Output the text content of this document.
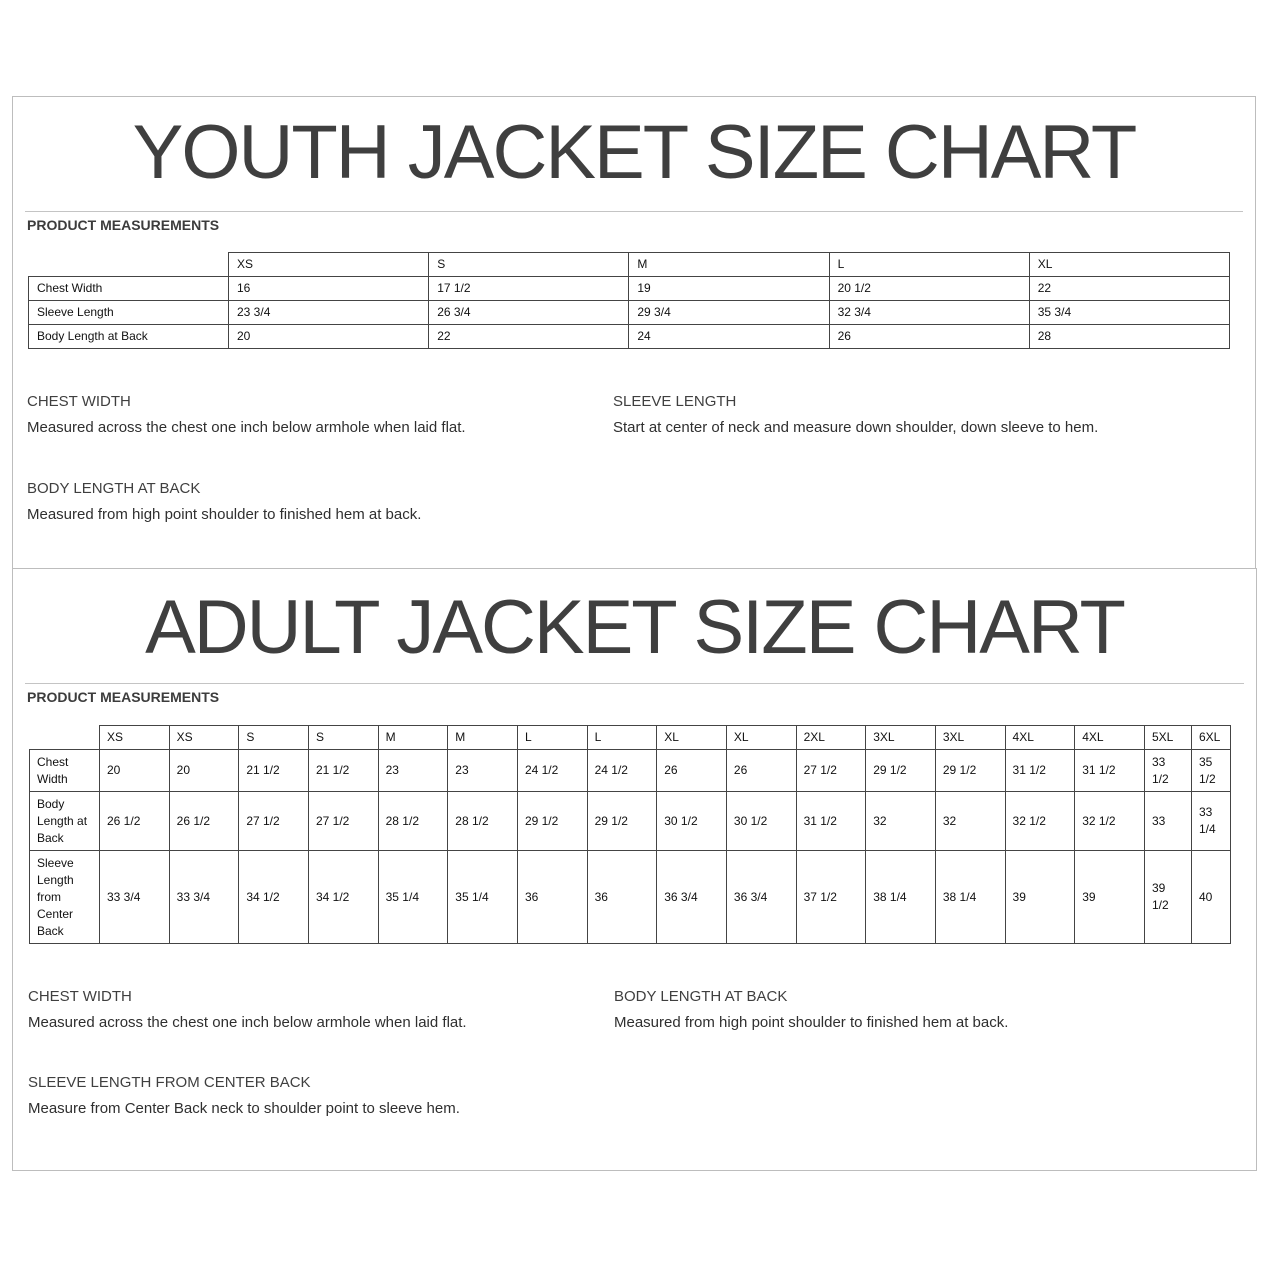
YOUTH JACKET SIZE CHART
PRODUCT MEASUREMENTS
	XS	S	M	L	XL
Chest Width	16	17 1/2	19	20 1/2	22
Sleeve Length	23 3/4	26 3/4	29 3/4	32 3/4	35 3/4
Body Length at Back	20	22	24	26	28
CHEST WIDTH
Measured across the chest one inch below armhole when laid flat.
SLEEVE LENGTH
Start at center of neck and measure down shoulder, down sleeve to hem.
BODY LENGTH AT BACK
Measured from high point shoulder to finished hem at back.
ADULT JACKET SIZE CHART
PRODUCT MEASUREMENTS
	XS	XS	S	S	M	M	L	L	XL	XL	2XL	3XL	3XL	4XL	4XL	5XL	6XL
Chest Width	20	20	21 1/2	21 1/2	23	23	24 1/2	24 1/2	26	26	27 1/2	29 1/2	29 1/2	31 1/2	31 1/2	33 1/2	35 1/2
Body Length at Back	26 1/2	26 1/2	27 1/2	27 1/2	28 1/2	28 1/2	29 1/2	29 1/2	30 1/2	30 1/2	31 1/2	32	32	32 1/2	32 1/2	33	33 1/4
Sleeve Length from Center Back	33 3/4	33 3/4	34 1/2	34 1/2	35 1/4	35 1/4	36	36	36 3/4	36 3/4	37 1/2	38 1/4	38 1/4	39	39	39 1/2	40
CHEST WIDTH
Measured across the chest one inch below armhole when laid flat.
BODY LENGTH AT BACK
Measured from high point shoulder to finished hem at back.
SLEEVE LENGTH FROM CENTER BACK
Measure from Center Back neck to shoulder point to sleeve hem.
